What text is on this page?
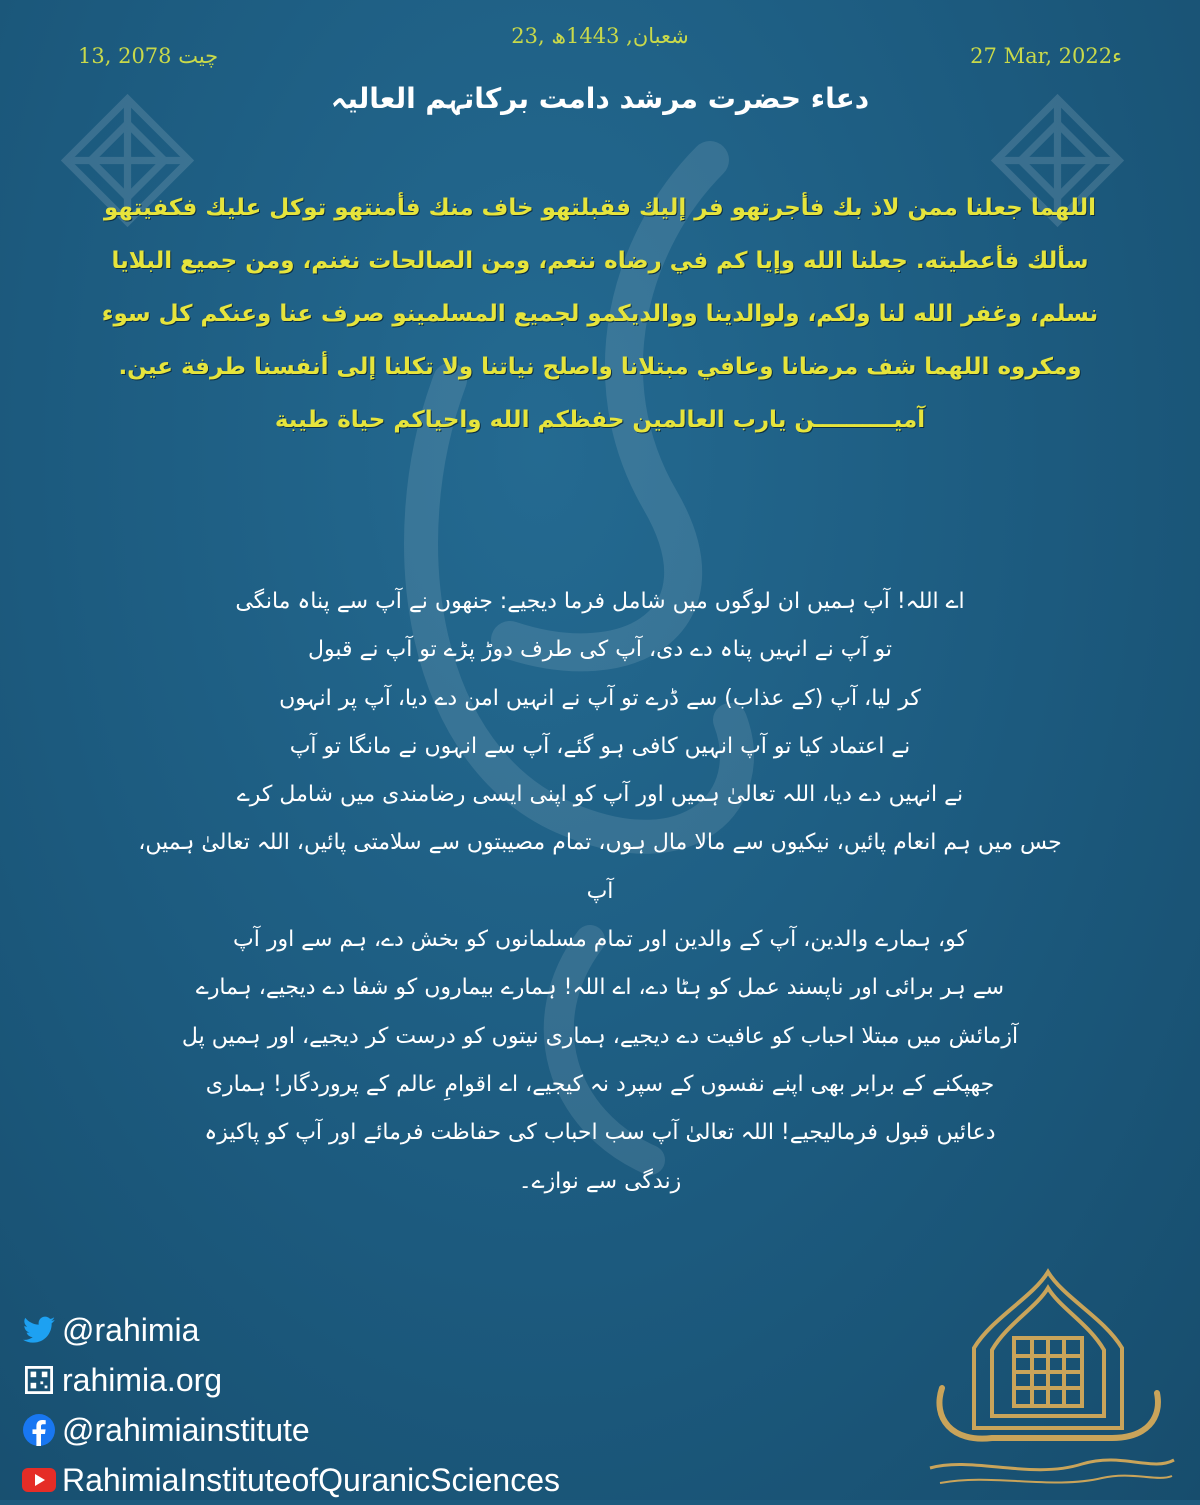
13, چیت 2078
23, شعبان, 1443ھ
27 Mar, 2022ء
دعاء حضرت مرشد دامت برکاتہم العالیہ
اللهما جعلنا ممن لاذ بك فأجرتهو فر إليك فقبلتهو خاف منك فأمنتهو توكل عليك فكفيتهو سألك فأعطيته. جعلنا الله وإيا كم في رضاه ننعم، ومن الصالحات نغنم، ومن جميع البلايا نسلم، وغفر الله لنا ولكم، ولوالدينا ووالديكمو لجميع المسلمينو صرف عنا وعنكم كل سوء ومكروه اللهما شف مرضانا وعافي مبتلانا واصلح نياتنا ولا تكلنا إلى أنفسنا طرفة عين. آميــــــــــن يارب العالمين حفظكم الله واحياكم حياة طيبة
اے اللہ! آپ ہمیں ان لوگوں میں شامل فرما دیجیے: جنھوں نے آپ سے پناہ مانگی
تو آپ نے انہیں پناہ دے دی، آپ کی طرف دوڑ پڑے تو آپ نے قبول
کر لیا، آپ (کے عذاب) سے ڈرے تو آپ نے انہیں امن دے دیا، آپ پر انہوں
نے اعتماد کیا تو آپ انہیں کافی ہو گئے، آپ سے انہوں نے مانگا تو آپ
نے انہیں دے دیا، اللہ تعالیٰ ہمیں اور آپ کو اپنی ایسی رضامندی میں شامل کرے
جس میں ہم انعام پائیں، نیکیوں سے مالا مال ہوں، تمام مصیبتوں سے سلامتی پائیں، اللہ تعالیٰ ہمیں، آپ
کو، ہمارے والدین، آپ کے والدین اور تمام مسلمانوں کو بخش دے، ہم سے اور آپ
سے ہر برائی اور ناپسند عمل کو ہٹا دے، اے اللہ! ہمارے بیماروں کو شفا دے دیجیے، ہمارے
آزمائش میں مبتلا احباب کو عافیت دے دیجیے، ہماری نیتوں کو درست کر دیجیے، اور ہمیں پل
جھپکنے کے برابر بھی اپنے نفسوں کے سپرد نہ کیجیے، اے اقوامِ عالم کے پروردگار! ہماری
دعائیں قبول فرمالیجیے! اللہ تعالیٰ آپ سب احباب کی حفاظت فرمائے اور آپ کو پاکیزہ
زندگی سے نوازے۔
@rahimia
rahimia.org
@rahimiainstitute
RahimiaInstituteofQuranicSciences
